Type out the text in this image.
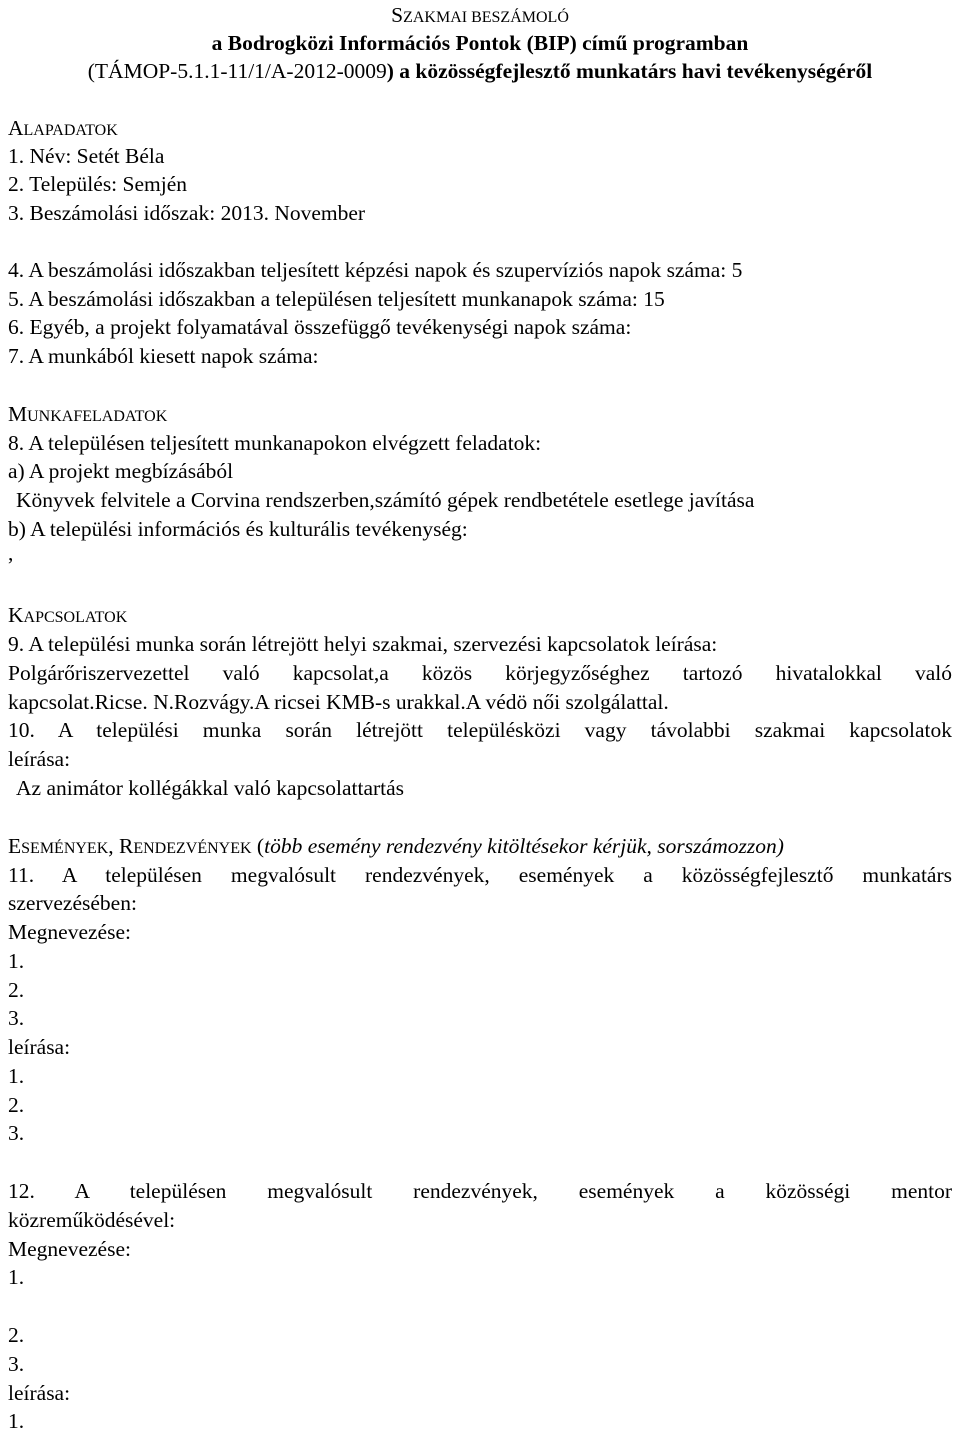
SZAKMAI BESZÁMOLÓ
a Bodrogközi Információs Pontok (BIP) című programban
(TÁMOP-5.1.1-11/1/A-2012-0009) a közösségfejlesztő munkatárs havi tevékenységéről
ALAPADATOK
1. Név: Setét Béla
2. Település: Semjén
3. Beszámolási időszak: 2013. November
4. A beszámolási időszakban teljesített képzési napok és szupervíziós napok száma: 5
5. A beszámolási időszakban a településen teljesített munkanapok száma: 15
6. Egyéb, a projekt folyamatával összefüggő tevékenységi napok száma:
7. A munkából kiesett napok száma:
MUNKAFELADATOK
8. A településen teljesített munkanapokon elvégzett feladatok:
a) A projekt megbízásából
Könyvek felvitele a Corvina rendszerben,számító gépek rendbetétele esetlege javítása
b) A települési információs és kulturális tevékenység:
,
KAPCSOLATOK
9. A települési munka során létrejött helyi szakmai, szervezési kapcsolatok leírása:
Polgárőriszervezettel való kapcsolat,a közös körjegyzőséghez tartozó hivatalokkal való
kapcsolat.Ricse. N.Rozvágy.A ricsei KMB-s urakkal.A védö női szolgálattal.
10. A települési munka során létrejött településközi vagy távolabbi szakmai kapcsolatok
leírása:
Az animátor kollégákkal való kapcsolattartás
ESEMÉNYEK, RENDEZVÉNYEK (több esemény rendezvény kitöltésekor kérjük, sorszámozzon)
11. A településen megvalósult rendezvények, események a közösségfejlesztő munkatárs
szervezésében:
Megnevezése:
1.
2.
3.
leírása:
1.
2.
3.
12. A településen megvalósult rendezvények, események a közösségi mentor
közreműködésével:
Megnevezése:
1.
2.
3.
leírása:
1.
